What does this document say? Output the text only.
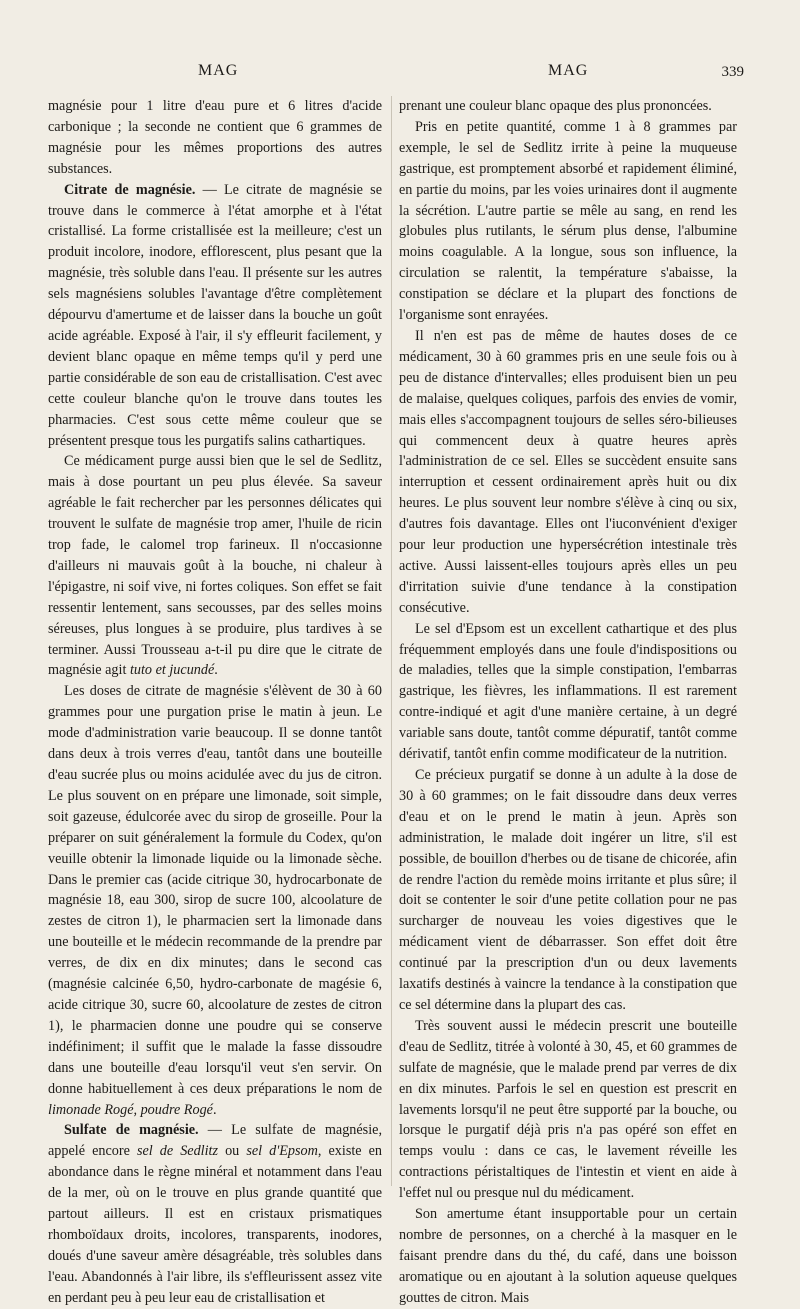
MAG	MAG	339

magnésie pour 1 litre d'eau pure et 6 litres d'acide carbonique ; la seconde ne contient que 6 grammes de magnésie pour les mêmes proportions des autres substances.

Citrate de magnésie. — Le citrate de magnésie se trouve dans le commerce à l'état amorphe et à l'état cristallisé. La forme cristallisée est la meilleure; c'est un produit incolore, inodore, efflorescent, plus pesant que la magnésie, très soluble dans l'eau. Il présente sur les autres sels magnésiens solubles l'avantage d'être complètement dépourvu d'amertume et de laisser dans la bouche un goût acide agréable. Exposé à l'air, il s'y effleurit facilement, y devient blanc opaque en même temps qu'il y perd une partie considérable de son eau de cristallisation. C'est avec cette couleur blanche qu'on le trouve dans toutes les pharmacies. C'est sous cette même couleur que se présentent presque tous les purgatifs salins cathartiques.

Ce médicament purge aussi bien que le sel de Sedlitz, mais à dose pourtant un peu plus élevée. Sa saveur agréable le fait rechercher par les personnes délicates qui trouvent le sulfate de magnésie trop amer, l'huile de ricin trop fade, le calomel trop farineux. Il n'occasionne d'ailleurs ni mauvais goût à la bouche, ni chaleur à l'épigastre, ni soif vive, ni fortes coliques. Son effet se fait ressentir lentement, sans secousses, par des selles moins séreuses, plus longues à se produire, plus tardives à se terminer. Aussi Trousseau a-t-il pu dire que le citrate de magnésie agit tuto et jucundé.

Les doses de citrate de magnésie s'élèvent de 30 à 60 grammes pour une purgation prise le matin à jeun. Le mode d'administration varie beaucoup. Il se donne tantôt dans deux à trois verres d'eau, tantôt dans une bouteille d'eau sucrée plus ou moins acidulée avec du jus de citron. Le plus souvent on en prépare une limonade, soit simple, soit gazeuse, édulcorée avec du sirop de groseille. Pour la préparer on suit généralement la formule du Codex, qu'on veuille obtenir la limonade liquide ou la limonade sèche. Dans le premier cas (acide citrique 30, hydrocarbonate de magnésie 18, eau 300, sirop de sucre 100, alcoolature de zestes de citron 1), le pharmacien sert la limonade dans une bouteille et le médecin recommande de la prendre par verres, de dix en dix minutes; dans le second cas (magnésie calcinée 6,50, hydro-carbonate de magésie 6, acide citrique 30, sucre 60, alcoolature de zestes de citron 1), le pharmacien donne une poudre qui se conserve indéfiniment; il suffit que le malade la fasse dissoudre dans une bouteille d'eau lorsqu'il veut s'en servir. On donne habituellement à ces deux préparations le nom de limonade Rogé, poudre Rogé.

Sulfate de magnésie. — Le sulfate de magnésie, appelé encore sel de Sedlitz ou sel d'Epsom, existe en abondance dans le règne minéral et notamment dans l'eau de la mer, où on le trouve en plus grande quantité que partout ailleurs. Il est en cristaux prismatiques rhomboïdaux droits, incolores, transparents, inodores, doués d'une saveur amère désagréable, très solubles dans l'eau. Abandonnés à l'air libre, ils s'effleurissent assez vite en perdant peu à peu leur eau de cristallisation et

prenant une couleur blanc opaque des plus prononcées.

Pris en petite quantité, comme 1 à 8 grammes par exemple, le sel de Sedlitz irrite à peine la muqueuse gastrique, est promptement absorbé et rapidement éliminé, en partie du moins, par les voies urinaires dont il augmente la sécrétion. L'autre partie se mêle au sang, en rend les globules plus rutilants, le sérum plus dense, l'albumine moins coagulable. A la longue, sous son influence, la circulation se ralentit, la température s'abaisse, la constipation se déclare et la plupart des fonctions de l'organisme sont enrayées.

Il n'en est pas de même de hautes doses de ce médicament, 30 à 60 grammes pris en une seule fois ou à peu de distance d'intervalles; elles produisent bien un peu de malaise, quelques coliques, parfois des envies de vomir, mais elles s'accompagnent toujours de selles séro-bilieuses qui commencent deux à quatre heures après l'administration de ce sel. Elles se succèdent ensuite sans interruption et cessent ordinairement après huit ou dix heures. Le plus souvent leur nombre s'élève à cinq ou six, d'autres fois davantage. Elles ont l'iuconvénient d'exiger pour leur production une hypersécrétion intestinale très active. Aussi laissent-elles toujours après elles un peu d'irritation suivie d'une tendance à la constipation consécutive.

Le sel d'Epsom est un excellent cathartique et des plus fréquemment employés dans une foule d'indispositions ou de maladies, telles que la simple constipation, l'embarras gastrique, les fièvres, les inflammations. Il est rarement contre-indiqué et agit d'une manière certaine, à un degré variable sans doute, tantôt comme dépuratif, tantôt comme dérivatif, tantôt enfin comme modificateur de la nutrition.

Ce précieux purgatif se donne à un adulte à la dose de 30 à 60 grammes; on le fait dissoudre dans deux verres d'eau et on le prend le matin à jeun. Après son administration, le malade doit ingérer un litre, s'il est possible, de bouillon d'herbes ou de tisane de chicorée, afin de rendre l'action du remède moins irritante et plus sûre; il doit se contenter le soir d'une petite collation pour ne pas surcharger de nouveau les voies digestives que le médicament vient de débarrasser. Son effet doit être continué par la prescription d'un ou deux lavements laxatifs destinés à vaincre la tendance à la constipation que ce sel détermine dans la plupart des cas.

Très souvent aussi le médecin prescrit une bouteille d'eau de Sedlitz, titrée à volonté à 30, 45, et 60 grammes de sulfate de magnésie, que le malade prend par verres de dix en dix minutes. Parfois le sel en question est prescrit en lavements lorsqu'il ne peut être supporté par la bouche, ou lorsque le purgatif déjà pris n'a pas opéré son effet en temps voulu : dans ce cas, le lavement réveille les contractions péristaltiques de l'intestin et vient en aide à l'effet nul ou presque nul du médicament.

Son amertume étant insupportable pour un certain nombre de personnes, on a cherché à la masquer en le faisant prendre dans du thé, du café, dans une boisson aromatique ou en ajoutant à la solution aqueuse quelques gouttes de citron. Mais
